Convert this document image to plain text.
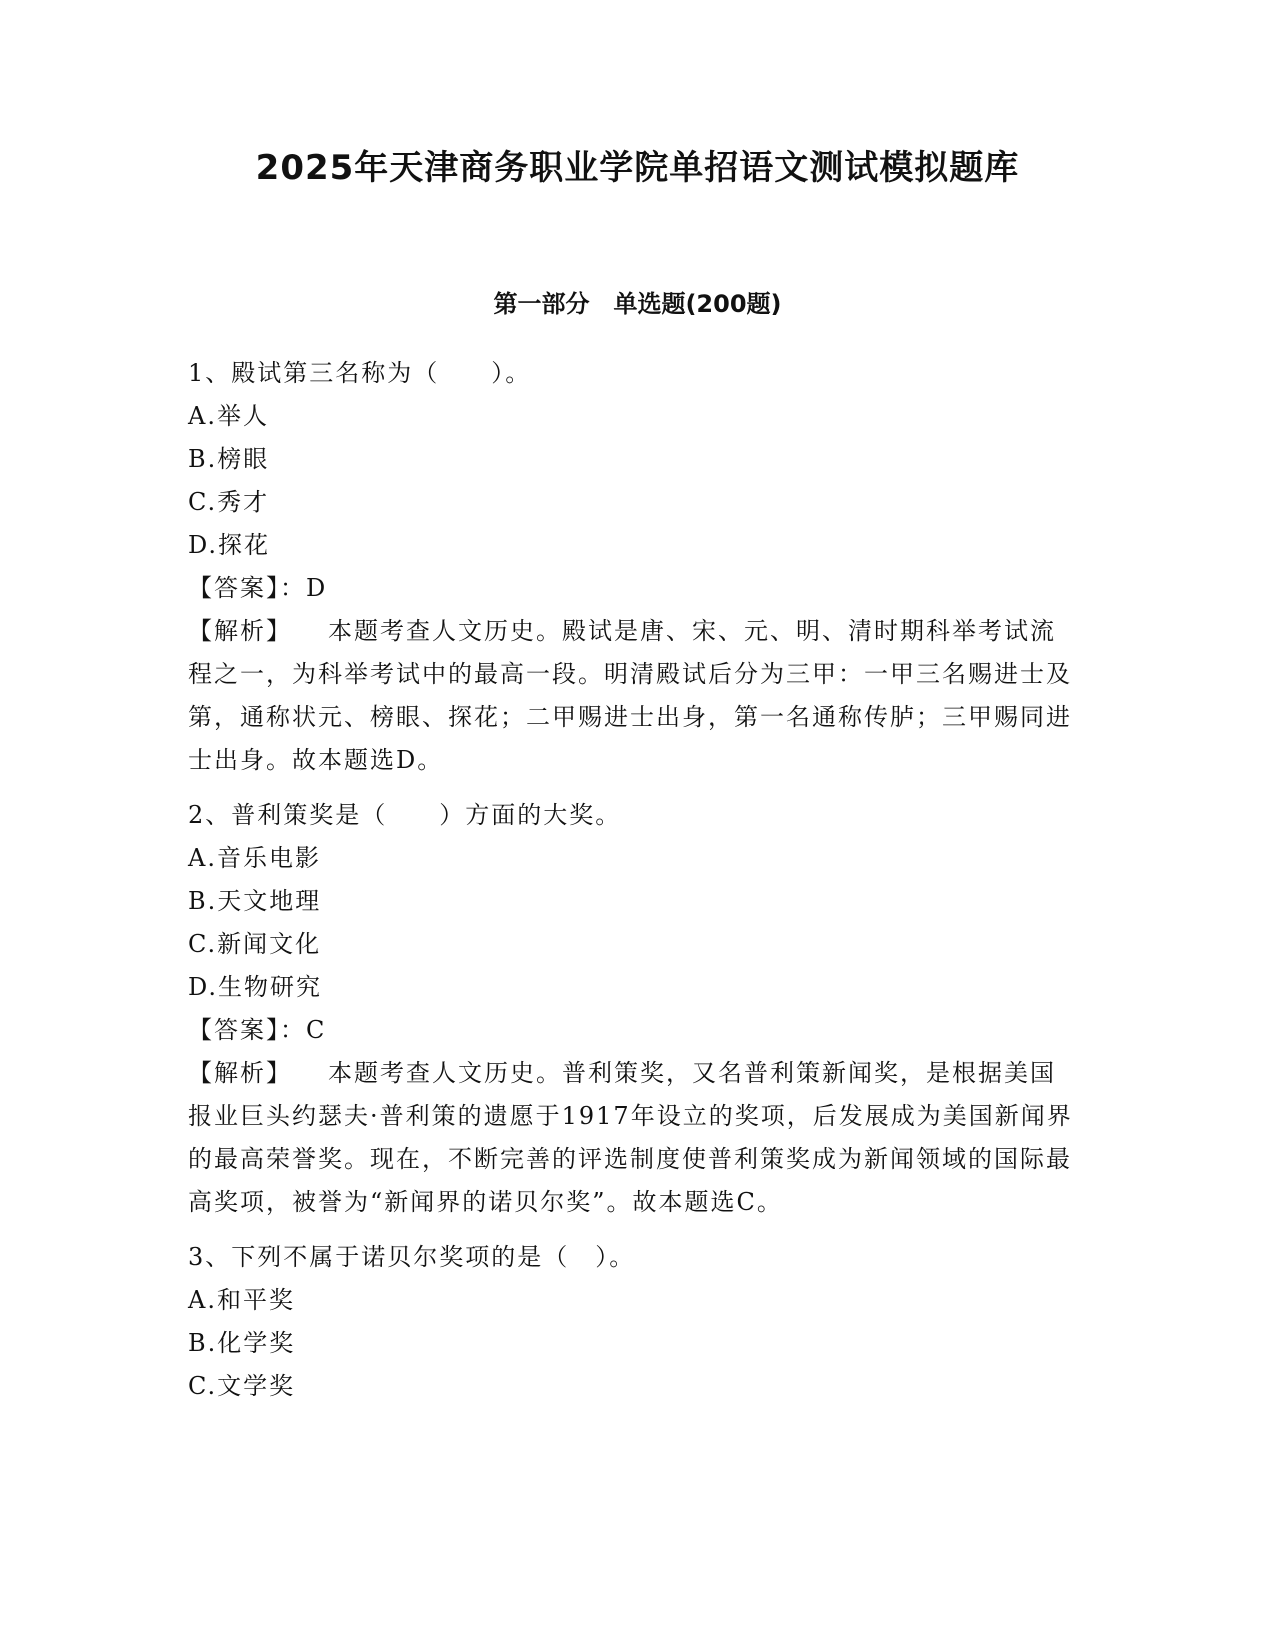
2025年天津商务职业学院单招语文测试模拟题库
第一部分　单选题(200题)
1、殿试第三名称为（　　）。
A.举人
B.榜眼
C.秀才
D.探花
【答案】：D
【解析】 本题考查人文历史。殿试是唐、宋、元、明、清时期科举考试流程之一，为科举考试中的最高一段。明清殿试后分为三甲：一甲三名赐进士及第，通称状元、榜眼、探花；二甲赐进士出身，第一名通称传胪；三甲赐同进士出身。故本题选D。
2、普利策奖是（　　）方面的大奖。
A.音乐电影
B.天文地理
C.新闻文化
D.生物研究
【答案】：C
【解析】 本题考查人文历史。普利策奖，又名普利策新闻奖，是根据美国报业巨头约瑟夫·普利策的遗愿于1917年设立的奖项，后发展成为美国新闻界的最高荣誉奖。现在，不断完善的评选制度使普利策奖成为新闻领域的国际最高奖项，被誉为“新闻界的诺贝尔奖”。故本题选C。
3、下列不属于诺贝尔奖项的是（　）。
A.和平奖
B.化学奖
C.文学奖
